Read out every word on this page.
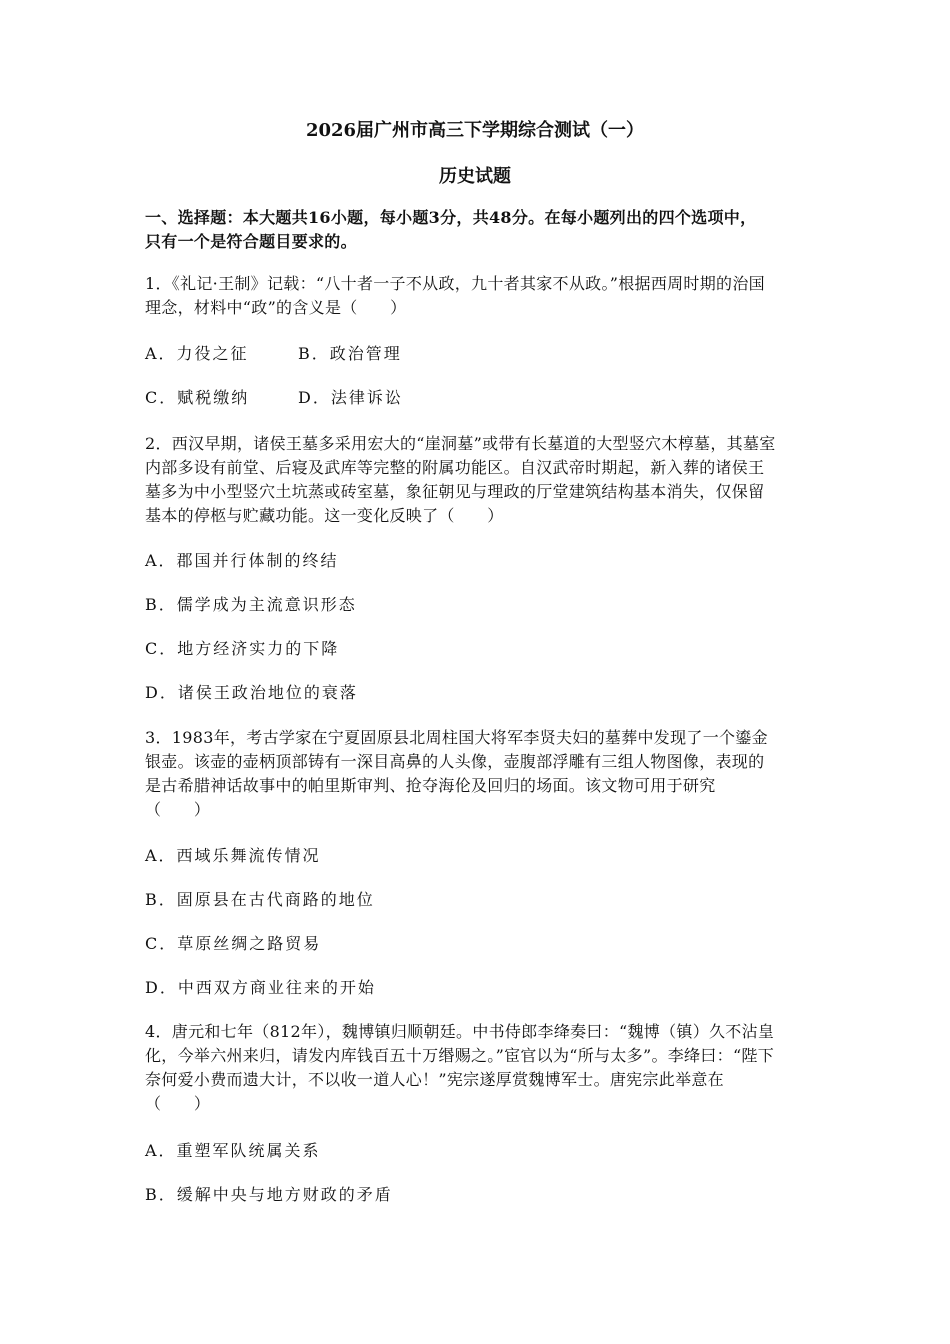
2026届广州市高三下学期综合测试（一）
历史试题
一、选择题：本大题共16小题，每小题3分，共48分。在每小题列出的四个选项中，
只有一个是符合题目要求的。
1．《礼记·王制》记载：“八十者一子不从政，九十者其家不从政。”根据西周时期的治国
理念，材料中“政”的含义是（　　）
A．力役之征	B．政治管理
C．赋税缴纳	D．法律诉讼
2．西汉早期，诸侯王墓多采用宏大的“崖洞墓”或带有长墓道的大型竖穴木椁墓，其墓室
内部多设有前堂、后寝及武库等完整的附属功能区。自汉武帝时期起，新入葬的诸侯王
墓多为中小型竖穴土坑蒸或砖室墓，象征朝见与理政的厅堂建筑结构基本消失，仅保留
基本的停柩与贮藏功能。这一变化反映了（　　）
A．郡国并行体制的终结
B．儒学成为主流意识形态
C．地方经济实力的下降
D．诸侯王政治地位的衰落
3．1983年，考古学家在宁夏固原县北周柱国大将军李贤夫妇的墓葬中发现了一个鎏金
银壶。该壶的壶柄顶部铸有一深目高鼻的人头像，壶腹部浮雕有三组人物图像，表现的
是古希腊神话故事中的帕里斯审判、抢夺海伦及回归的场面。该文物可用于研究
（　　）
A．西域乐舞流传情况
B．固原县在古代商路的地位
C．草原丝绸之路贸易
D．中西双方商业往来的开始
4．唐元和七年（812年），魏博镇归顺朝廷。中书侍郎李绛奏曰：“魏博（镇）久不沾皇
化，今举六州来归，请发内库钱百五十万缗赐之。”宦官以为“所与太多”。李绛曰：“陛下
奈何爱小费而遗大计，不以收一道人心！”宪宗遂厚赏魏博军士。唐宪宗此举意在
（　　）
A．重塑军队统属关系
B．缓解中央与地方财政的矛盾
